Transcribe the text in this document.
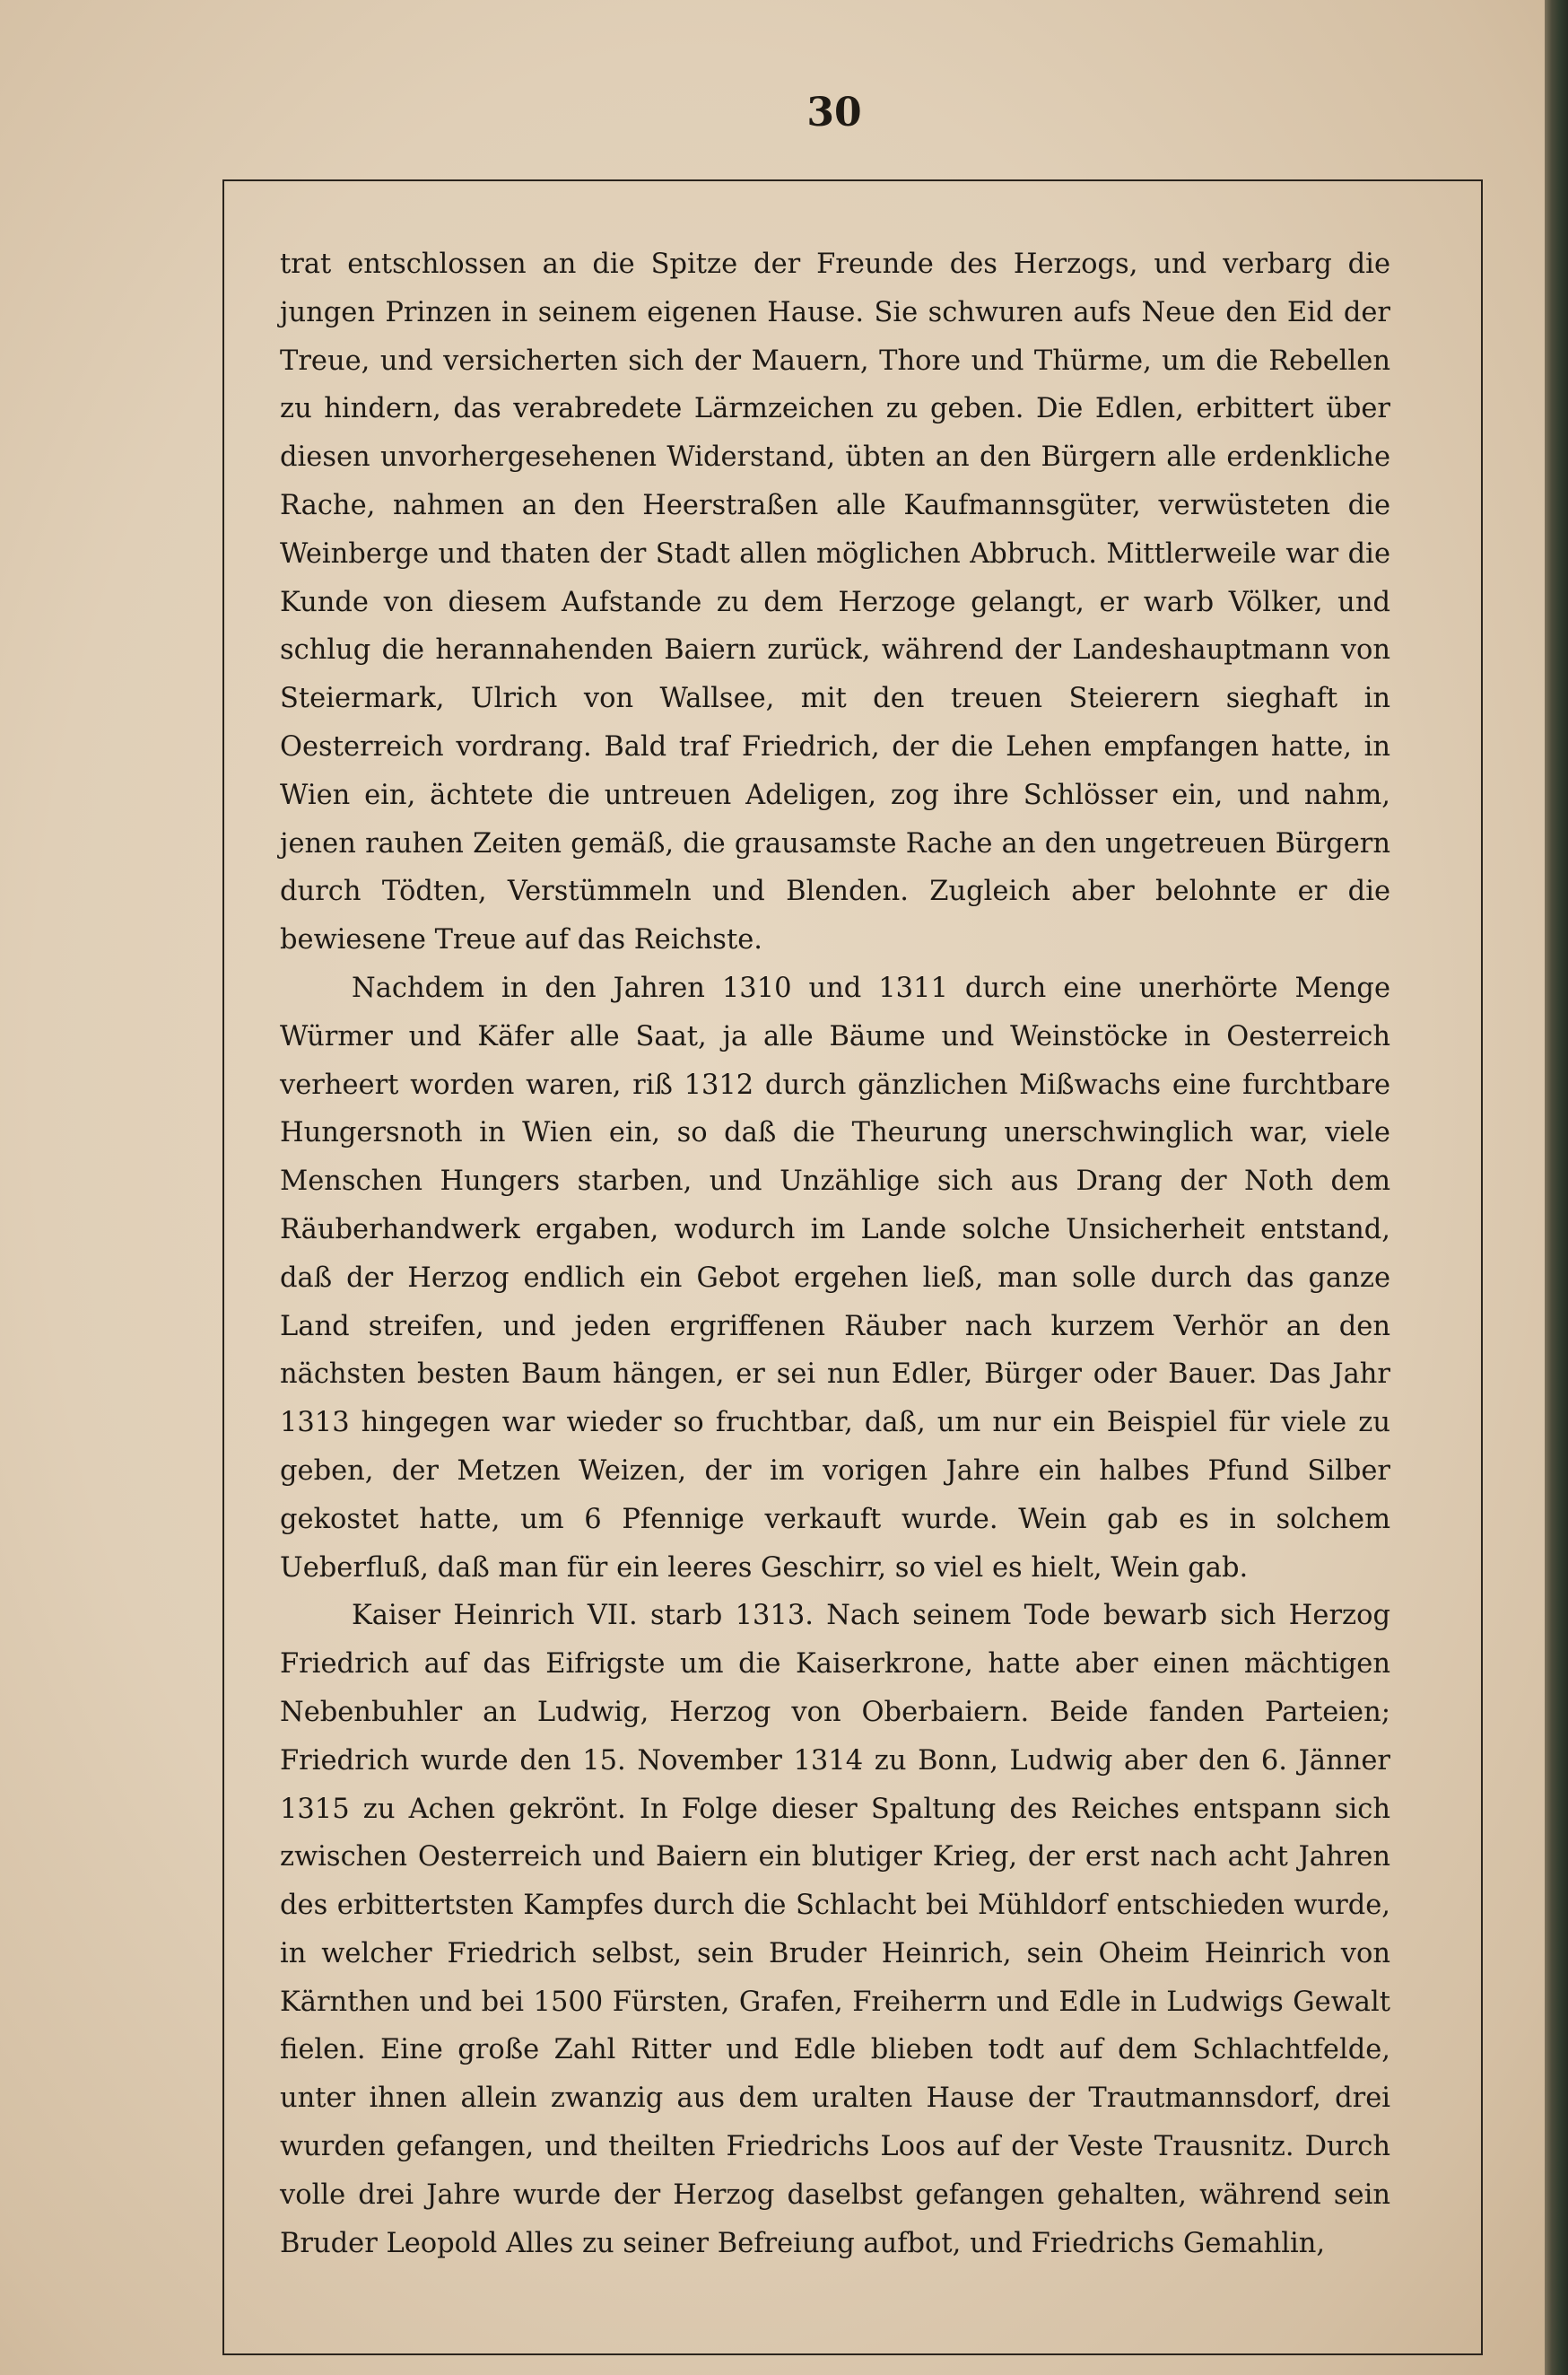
30

trat entschlossen an die Spitze der Freunde des Herzogs, und verbarg die jungen Prinzen in seinem eigenen Hause. Sie schwuren aufs Neue den Eid der Treue, und versicherten sich der Mauern, Thore und Thürme, um die Rebellen zu hindern, das verabredete Lärmzeichen zu geben. Die Edlen, erbittert über diesen unvorhergesehenen Widerstand, übten an den Bürgern alle erdenkliche Rache, nahmen an den Heerstraßen alle Kaufmannsgüter, verwüsteten die Weinberge und thaten der Stadt allen möglichen Abbruch. Mittlerweile war die Kunde von diesem Aufstande zu dem Herzoge gelangt, er warb Völker, und schlug die herannahenden Baiern zurück, während der Landeshauptmann von Steiermark, Ulrich von Wallsee, mit den treuen Steierern sieghaft in Oesterreich vordrang. Bald traf Friedrich, der die Lehen empfangen hatte, in Wien ein, ächtete die untreuen Adeligen, zog ihre Schlösser ein, und nahm, jenen rauhen Zeiten gemäß, die grausamste Rache an den ungetreuen Bürgern durch Tödten, Verstümmeln und Blenden. Zugleich aber belohnte er die bewiesene Treue auf das Reichste.

Nachdem in den Jahren 1310 und 1311 durch eine unerhörte Menge Würmer und Käfer alle Saat, ja alle Bäume und Weinstöcke in Oesterreich verheert worden waren, riß 1312 durch gänzlichen Mißwachs eine furchtbare Hungersnoth in Wien ein, so daß die Theurung unerschwinglich war, viele Menschen Hungers starben, und Unzählige sich aus Drang der Noth dem Räuberhandwerk ergaben, wodurch im Lande solche Unsicherheit entstand, daß der Herzog endlich ein Gebot ergehen ließ, man solle durch das ganze Land streifen, und jeden ergriffenen Räuber nach kurzem Verhör an den nächsten besten Baum hängen, er sei nun Edler, Bürger oder Bauer. Das Jahr 1313 hingegen war wieder so fruchtbar, daß, um nur ein Beispiel für viele zu geben, der Metzen Weizen, der im vorigen Jahre ein halbes Pfund Silber gekostet hatte, um 6 Pfennige verkauft wurde. Wein gab es in solchem Ueberfluß, daß man für ein leeres Geschirr, so viel es hielt, Wein gab.

Kaiser Heinrich VII. starb 1313. Nach seinem Tode bewarb sich Herzog Friedrich auf das Eifrigste um die Kaiserkrone, hatte aber einen mächtigen Nebenbuhler an Ludwig, Herzog von Oberbaiern. Beide fanden Parteien; Friedrich wurde den 15. November 1314 zu Bonn, Ludwig aber den 6. Jänner 1315 zu Achen gekrönt. In Folge dieser Spaltung des Reiches entspann sich zwischen Oesterreich und Baiern ein blutiger Krieg, der erst nach acht Jahren des erbittertsten Kampfes durch die Schlacht bei Mühldorf entschieden wurde, in welcher Friedrich selbst, sein Bruder Heinrich, sein Oheim Heinrich von Kärnthen und bei 1500 Fürsten, Grafen, Freiherrn und Edle in Ludwigs Gewalt fielen. Eine große Zahl Ritter und Edle blieben todt auf dem Schlachtfelde, unter ihnen allein zwanzig aus dem uralten Hause der Trautmannsdorf, drei wurden gefangen, und theilten Friedrichs Loos auf der Veste Trausnitz. Durch volle drei Jahre wurde der Herzog daselbst gefangen gehalten, während sein Bruder Leopold Alles zu seiner Befreiung aufbot, und Friedrichs Gemahlin,
